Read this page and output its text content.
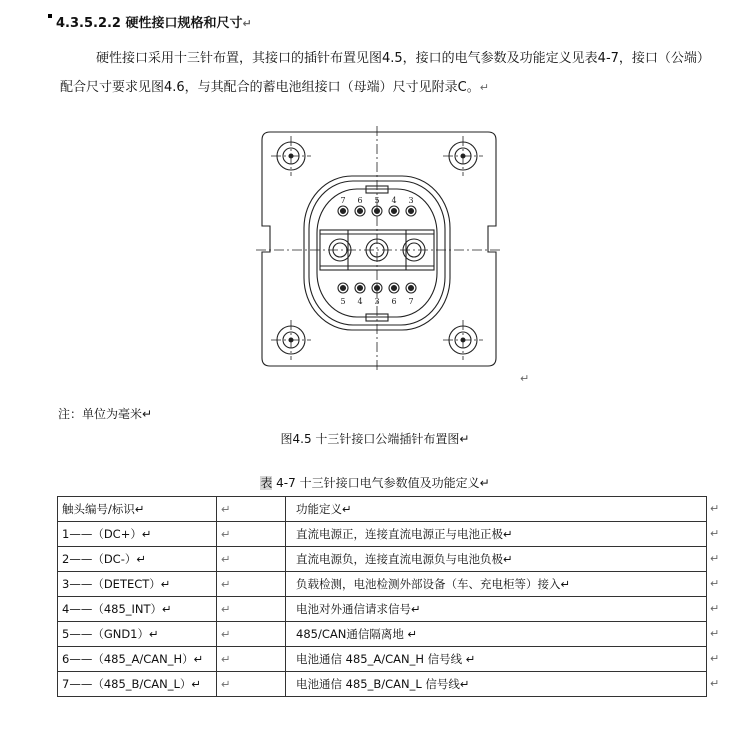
4.3.5.2.2 硬性接口规格和尺寸↵
硬性接口采用十三针布置，其接口的插针布置见图4.5，接口的电气参数及功能定义见表4-7，接口（公端）配合尺寸要求见图4.6，与其配合的蓄电池组接口（母端）尺寸见附录C。↵
7 6 5 4 3
5 4 3 6 7
↵
注：单位为毫米↵
图4.5 十三针接口公端插针布置图↵
表 4-7 十三针接口电气参数值及功能定义↵
触头编号/标识↵	↵	功能定义↵
1——（DC+）↵	↵	直流电源正，连接直流电源正与电池正极↵
2——（DC-）↵	↵	直流电源负，连接直流电源负与电池负极↵
3——（DETECT）↵	↵	负载检测，电池检测外部设备（车、充电柜等）接入↵
4——（485_INT）↵	↵	电池对外通信请求信号↵
5——（GND1）↵	↵	485/CAN通信隔离地 ↵
6——（485_A/CAN_H）↵	↵	电池通信 485_A/CAN_H 信号线 ↵
7——（485_B/CAN_L）↵	↵	电池通信 485_B/CAN_L 信号线↵
↵
↵
↵
↵
↵
↵
↵
↵
